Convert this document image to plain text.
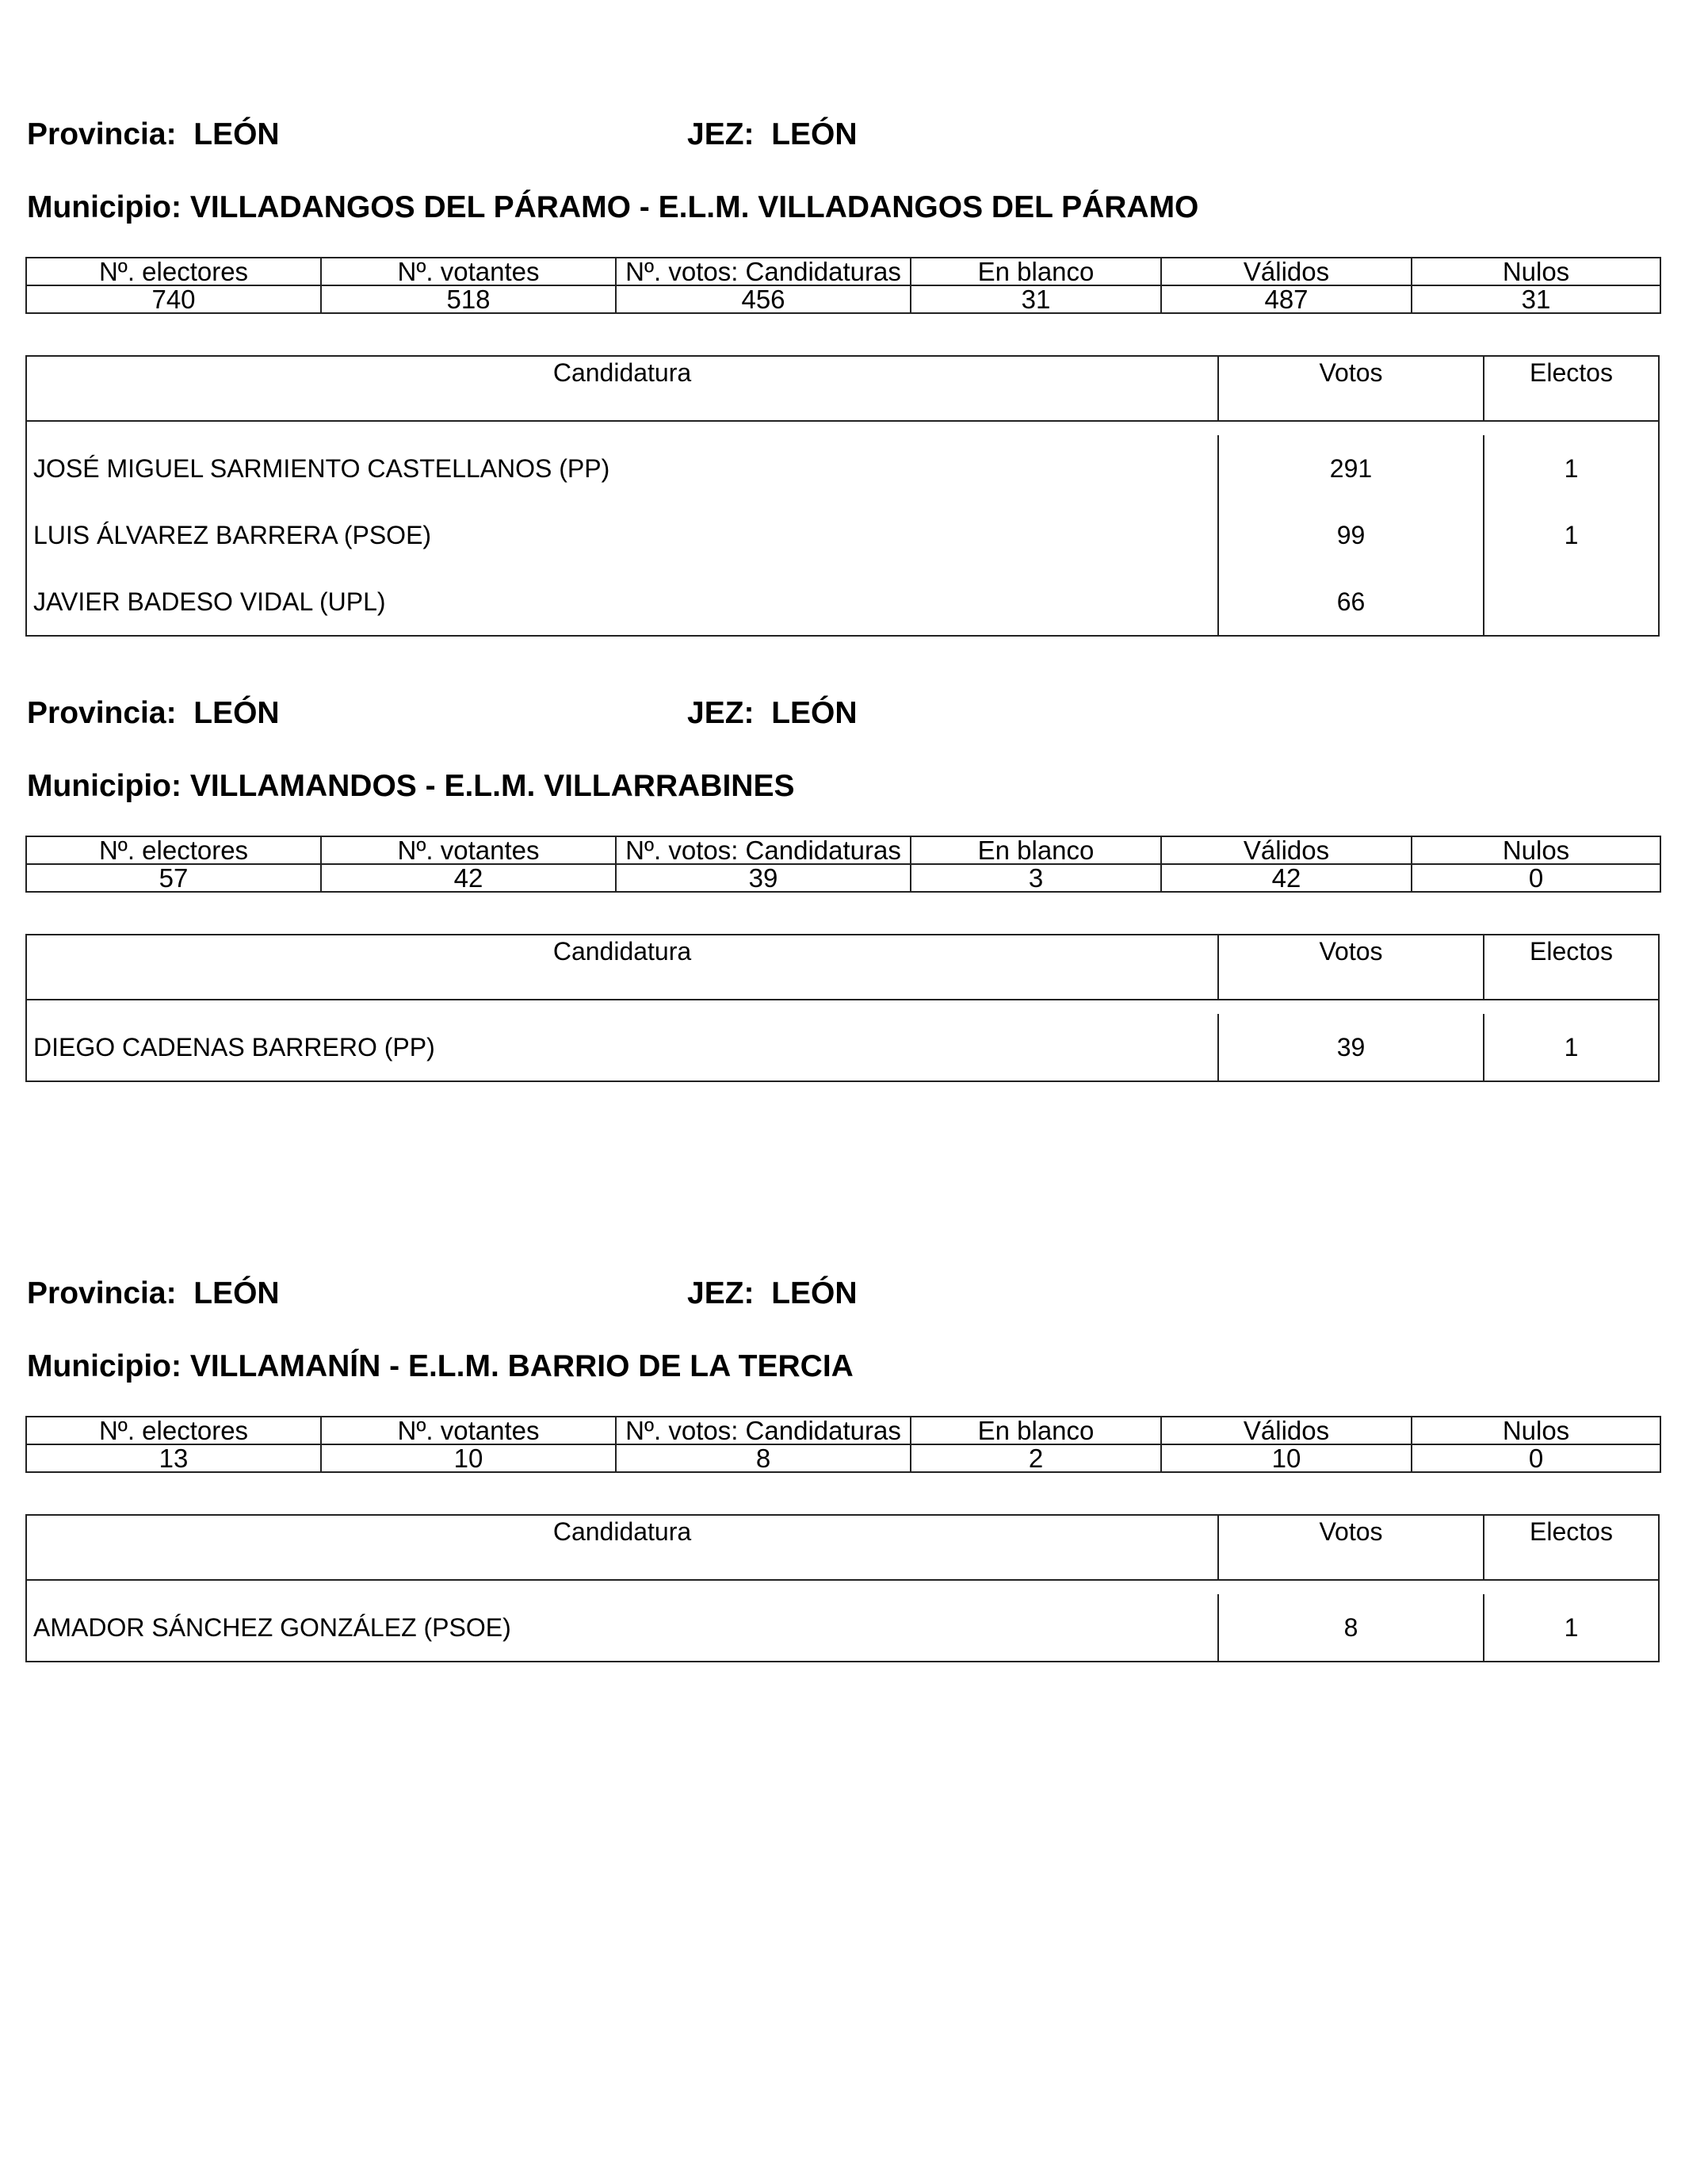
Provincia: LEÓN	JEZ: LEÓN
Municipio: VILLADANGOS DEL PÁRAMO - E.L.M. VILLADANGOS DEL PÁRAMO
Nº. electores	Nº. votantes	Nº. votos: Candidaturas	En blanco	Válidos	Nulos
740	518	456	31	487	31
Candidatura	Votos	Electos
JOSÉ MIGUEL SARMIENTO CASTELLANOS (PP)	291	1
LUIS ÁLVAREZ BARRERA (PSOE)	99	1
JAVIER BADESO VIDAL (UPL)	66
Provincia: LEÓN	JEZ: LEÓN
Municipio: VILLAMANDOS - E.L.M. VILLARRABINES
Nº. electores	Nº. votantes	Nº. votos: Candidaturas	En blanco	Válidos	Nulos
57	42	39	3	42	0
Candidatura	Votos	Electos
DIEGO CADENAS BARRERO (PP)	39	1
Provincia: LEÓN	JEZ: LEÓN
Municipio: VILLAMANÍN - E.L.M. BARRIO DE LA TERCIA
Nº. electores	Nº. votantes	Nº. votos: Candidaturas	En blanco	Válidos	Nulos
13	10	8	2	10	0
Candidatura	Votos	Electos
AMADOR SÁNCHEZ GONZÁLEZ (PSOE)	8	1
